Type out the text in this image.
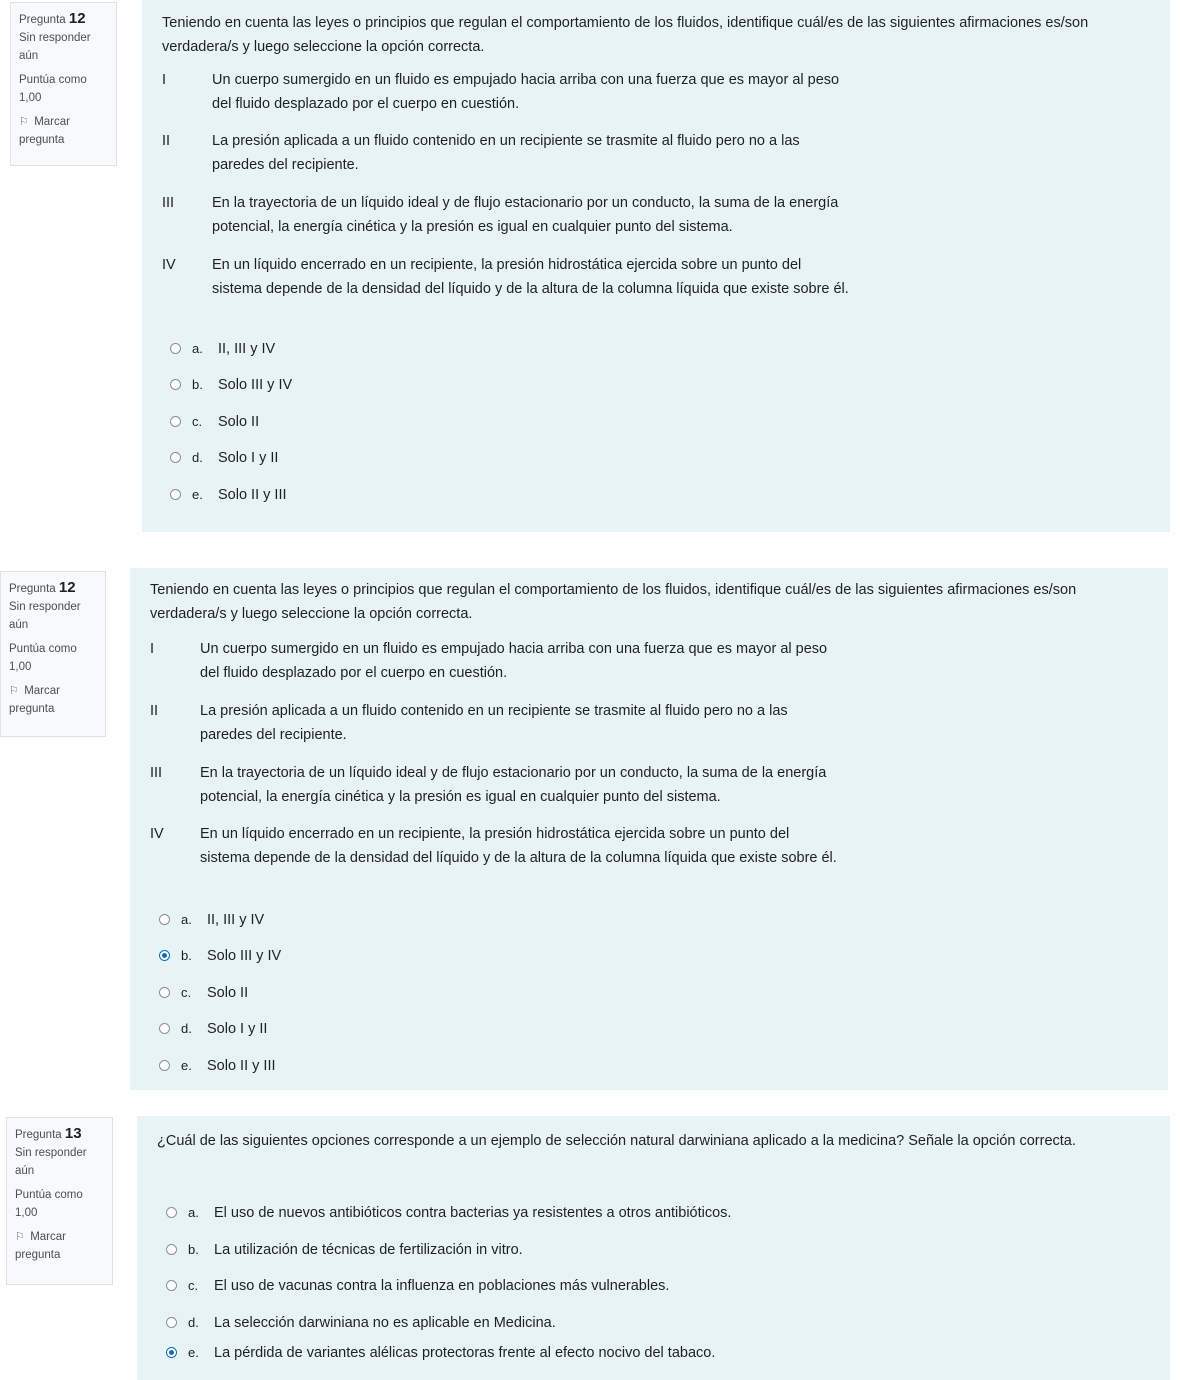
Pregunta 12
Sin responder aún
Puntúa como 1,00
⚐ Marcar pregunta
Teniendo en cuenta las leyes o principios que regulan el comportamiento de los fluidos, identifique cuál/es de las siguientes afirmaciones es/son verdadera/s y luego seleccione la opción correcta.
I	Un cuerpo sumergido en un fluido es empujado hacia arriba con una fuerza que es mayor al peso
del fluido desplazado por el cuerpo en cuestión.
II	La presión aplicada a un fluido contenido en un recipiente se trasmite al fluido pero no a las
paredes del recipiente.
III	En la trayectoria de un líquido ideal y de flujo estacionario por un conducto, la suma de la energía
potencial, la energía cinética y la presión es igual en cualquier punto del sistema.
IV	En un líquido encerrado en un recipiente, la presión hidrostática ejercida sobre un punto del
sistema depende de la densidad del líquido y de la altura de la columna líquida que existe sobre él.
a. II, III y IV
b. Solo III y IV
c. Solo II
d. Solo I y II
e. Solo II y III
Pregunta 12
Sin responder aún
Puntúa como 1,00
⚐ Marcar pregunta
Teniendo en cuenta las leyes o principios que regulan el comportamiento de los fluidos, identifique cuál/es de las siguientes afirmaciones es/son verdadera/s y luego seleccione la opción correcta.
I	Un cuerpo sumergido en un fluido es empujado hacia arriba con una fuerza que es mayor al peso
del fluido desplazado por el cuerpo en cuestión.
II	La presión aplicada a un fluido contenido en un recipiente se trasmite al fluido pero no a las
paredes del recipiente.
III	En la trayectoria de un líquido ideal y de flujo estacionario por un conducto, la suma de la energía
potencial, la energía cinética y la presión es igual en cualquier punto del sistema.
IV	En un líquido encerrado en un recipiente, la presión hidrostática ejercida sobre un punto del
sistema depende de la densidad del líquido y de la altura de la columna líquida que existe sobre él.
a. II, III y IV
b. Solo III y IV
c. Solo II
d. Solo I y II
e. Solo II y III
Pregunta 13
Sin responder aún
Puntúa como 1,00
⚐ Marcar pregunta
¿Cuál de las siguientes opciones corresponde a un ejemplo de selección natural darwiniana aplicado a la medicina? Señale la opción correcta.
a. El uso de nuevos antibióticos contra bacterias ya resistentes a otros antibióticos.
b. La utilización de técnicas de fertilización in vitro.
c. El uso de vacunas contra la influenza en poblaciones más vulnerables.
d. La selección darwiniana no es aplicable en Medicina.
e. La pérdida de variantes alélicas protectoras frente al efecto nocivo del tabaco.
